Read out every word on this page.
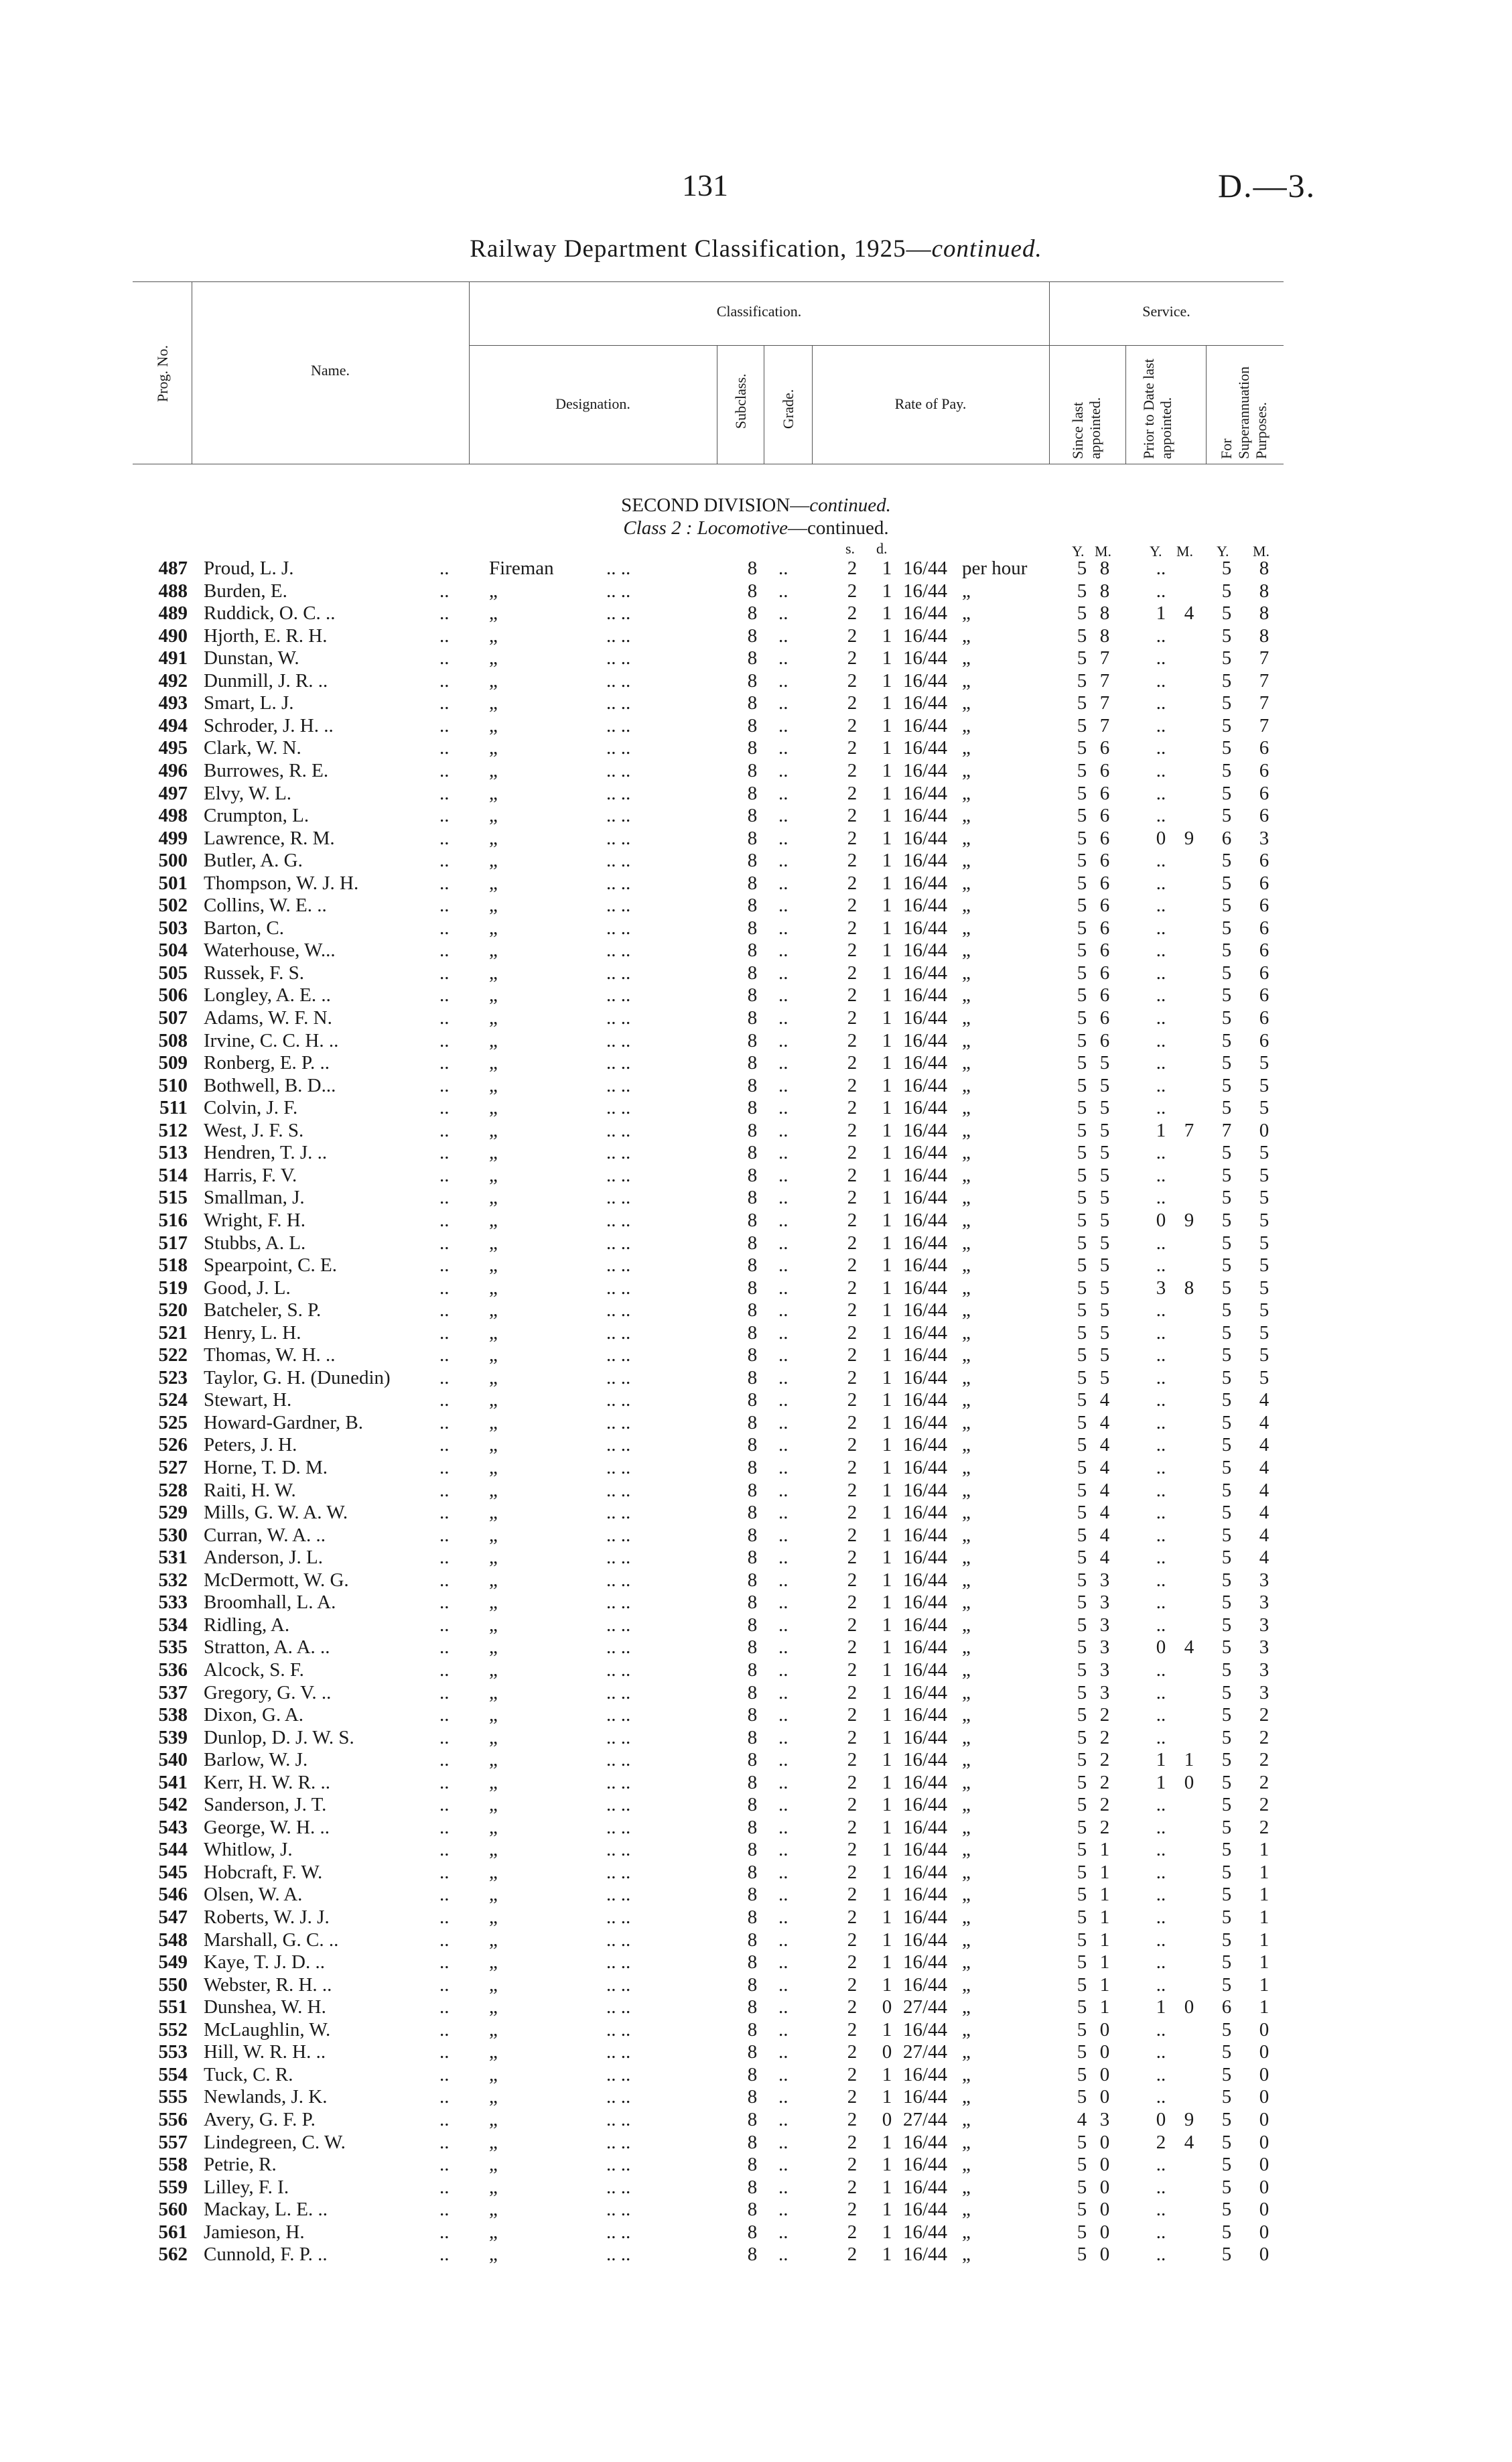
131	D.—3.
Railway Department Classification, 1925—continued.
Prog. No.	Name.
Classification.
Designation.	Subclass. Grade.	Rate of Pay.
Service.
Since last appointed.	Prior to Date last appointed.	For Superannuation Purposes.
SECOND DIVISION—continued.
Class 2 : Locomotive—continued.
s. d.	Y. M.	Y. M. Y. M.
487 Proud, L. J.	.. Fireman	.. ..	8	..	2 1 16/44 per hour	5 8 ..	5 8
488 Burden, E.	.. „	.. ..	8	..	2 1 16/44 „	5 8 ..	5 8
489 Ruddick, O. C. ..	.. „	.. ..	8	..	2 1 16/44 „	5 8 1 4 5 8
490 Hjorth, E. R. H.	.. „	.. ..	8	..	2 1 16/44 „	5 8 ..	5 8
491 Dunstan, W.	.. „	.. ..	8	..	2 1 16/44 „	5 7 ..	5 7
492 Dunmill, J. R. ..	.. „	.. ..	8	..	2 1 16/44 „	5 7 ..	5 7
493 Smart, L. J.	.. „	.. ..	8	..	2 1 16/44 „	5 7 ..	5 7
494 Schroder, J. H. ..	.. „	.. ..	8	..	2 1 16/44 „	5 7 ..	5 7
495 Clark, W. N.	.. „	.. ..	8	..	2 1 16/44 „	5 6 ..	5 6
496 Burrowes, R. E.	.. „	.. ..	8	..	2 1 16/44 „	5 6 ..	5 6
497 Elvy, W. L.	.. „	.. ..	8	..	2 1 16/44 „	5 6 ..	5 6
498 Crumpton, L.	.. „	.. ..	8	..	2 1 16/44 „	5 6 ..	5 6
499 Lawrence, R. M.	.. „	.. ..	8	..	2 1 16/44 „	5 6 0 9 6 3
500 Butler, A. G.	.. „	.. ..	8	..	2 1 16/44 „	5 6 ..	5 6
501 Thompson, W. J. H.	.. „	.. ..	8	..	2 1 16/44 „	5 6 ..	5 6
502 Collins, W. E. ..	.. „	.. ..	8	..	2 1 16/44 „	5 6 ..	5 6
503 Barton, C.	.. „	.. ..	8	..	2 1 16/44 „	5 6 ..	5 6
504 Waterhouse, W...	.. „	.. ..	8	..	2 1 16/44 „	5 6 ..	5 6
505 Russek, F. S.	.. „	.. ..	8	..	2 1 16/44 „	5 6 ..	5 6
506 Longley, A. E. ..	.. „	.. ..	8	..	2 1 16/44 „	5 6 ..	5 6
507 Adams, W. F. N.	.. „	.. ..	8	..	2 1 16/44 „	5 6 ..	5 6
508 Irvine, C. C. H. ..	.. „	.. ..	8	..	2 1 16/44 „	5 6 ..	5 6
509 Ronberg, E. P. ..	.. „	.. ..	8	..	2 1 16/44 „	5 5 ..	5 5
510 Bothwell, B. D...	.. „	.. ..	8	..	2 1 16/44 „	5 5 ..	5 5
511 Colvin, J. F.	.. „	.. ..	8	..	2 1 16/44 „	5 5 ..	5 5
512 West, J. F. S.	.. „	.. ..	8	..	2 1 16/44 „	5 5 1 7 7 0
513 Hendren, T. J. ..	.. „	.. ..	8	..	2 1 16/44 „	5 5 ..	5 5
514 Harris, F. V.	.. „	.. ..	8	..	2 1 16/44 „	5 5 ..	5 5
515 Smallman, J.	.. „	.. ..	8	..	2 1 16/44 „	5 5 ..	5 5
516 Wright, F. H.	.. „	.. ..	8	..	2 1 16/44 „	5 5 0 9 5 5
517 Stubbs, A. L.	.. „	.. ..	8	..	2 1 16/44 „	5 5 ..	5 5
518 Spearpoint, C. E.	.. „	.. ..	8	..	2 1 16/44 „	5 5 ..	5 5
519 Good, J. L.	.. „	.. ..	8	..	2 1 16/44 „	5 5 3 8 5 5
520 Batcheler, S. P.	.. „	.. ..	8	..	2 1 16/44 „	5 5 ..	5 5
521 Henry, L. H.	.. „	.. ..	8	..	2 1 16/44 „	5 5 ..	5 5
522 Thomas, W. H. ..	.. „	.. ..	8	..	2 1 16/44 „	5 5 ..	5 5
523 Taylor, G. H. (Dunedin)	.. „	.. ..	8	..	2 1 16/44 „	5 5 ..	5 5
524 Stewart, H.	.. „	.. ..	8	..	2 1 16/44 „	5 4 ..	5 4
525 Howard-Gardner, B.	.. „	.. ..	8	..	2 1 16/44 „	5 4 ..	5 4
526 Peters, J. H.	.. „	.. ..	8	..	2 1 16/44 „	5 4 ..	5 4
527 Horne, T. D. M.	.. „	.. ..	8	..	2 1 16/44 „	5 4 ..	5 4
528 Raiti, H. W.	.. „	.. ..	8	..	2 1 16/44 „	5 4 ..	5 4
529 Mills, G. W. A. W.	.. „	.. ..	8	..	2 1 16/44 „	5 4 ..	5 4
530 Curran, W. A. ..	.. „	.. ..	8	..	2 1 16/44 „	5 4 ..	5 4
531 Anderson, J. L.	.. „	.. ..	8	..	2 1 16/44 „	5 4 ..	5 4
532 McDermott, W. G.	.. „	.. ..	8	..	2 1 16/44 „	5 3 ..	5 3
533 Broomhall, L. A.	.. „	.. ..	8	..	2 1 16/44 „	5 3 ..	5 3
534 Ridling, A.	.. „	.. ..	8	..	2 1 16/44 „	5 3 ..	5 3
535 Stratton, A. A. ..	.. „	.. ..	8	..	2 1 16/44 „	5 3 0 4 5 3
536 Alcock, S. F.	.. „	.. ..	8	..	2 1 16/44 „	5 3 ..	5 3
537 Gregory, G. V. ..	.. „	.. ..	8	..	2 1 16/44 „	5 3 ..	5 3
538 Dixon, G. A.	.. „	.. ..	8	..	2 1 16/44 „	5 2 ..	5 2
539 Dunlop, D. J. W. S.	.. „	.. ..	8	..	2 1 16/44 „	5 2 ..	5 2
540 Barlow, W. J.	.. „	.. ..	8	..	2 1 16/44 „	5 2 1 1 5 2
541 Kerr, H. W. R. ..	.. „	.. ..	8	..	2 1 16/44 „	5 2 1 0 5 2
542 Sanderson, J. T.	.. „	.. ..	8	..	2 1 16/44 „	5 2 ..	5 2
543 George, W. H. ..	.. „	.. ..	8	..	2 1 16/44 „	5 2 ..	5 2
544 Whitlow, J.	.. „	.. ..	8	..	2 1 16/44 „	5 1 ..	5 1
545 Hobcraft, F. W.	.. „	.. ..	8	..	2 1 16/44 „	5 1 ..	5 1
546 Olsen, W. A.	.. „	.. ..	8	..	2 1 16/44 „	5 1 ..	5 1
547 Roberts, W. J. J.	.. „	.. ..	8	..	2 1 16/44 „	5 1 ..	5 1
548 Marshall, G. C. ..	.. „	.. ..	8	..	2 1 16/44 „	5 1 ..	5 1
549 Kaye, T. J. D. ..	.. „	.. ..	8	..	2 1 16/44 „	5 1 ..	5 1
550 Webster, R. H. ..	.. „	.. ..	8	..	2 1 16/44 „	5 1 ..	5 1
551 Dunshea, W. H.	.. „	.. ..	8	..	2 0 27/44 „	5 1 1 0 6 1
552 McLaughlin, W.	.. „	.. ..	8	..	2 1 16/44 „	5 0 ..	5 0
553 Hill, W. R. H. ..	.. „	.. ..	8	..	2 0 27/44 „	5 0 ..	5 0
554 Tuck, C. R.	.. „	.. ..	8	..	2 1 16/44 „	5 0 ..	5 0
555 Newlands, J. K.	.. „	.. ..	8	..	2 1 16/44 „	5 0 ..	5 0
556 Avery, G. F. P.	.. „	.. ..	8	..	2 0 27/44 „	4 3 0 9 5 0
557 Lindegreen, C. W.	.. „	.. ..	8	..	2 1 16/44 „	5 0 2 4 5 0
558 Petrie, R.	.. „	.. ..	8	..	2 1 16/44 „	5 0 ..	5 0
559 Lilley, F. I.	.. „	.. ..	8	..	2 1 16/44 „	5 0 ..	5 0
560 Mackay, L. E. ..	.. „	.. ..	8	..	2 1 16/44 „	5 0 ..	5 0
561 Jamieson, H.	.. „	.. ..	8	..	2 1 16/44 „	5 0 ..	5 0
562 Cunnold, F. P. ..	.. „	.. ..	8	..	2 1 16/44 „	5 0 ..	5 0
